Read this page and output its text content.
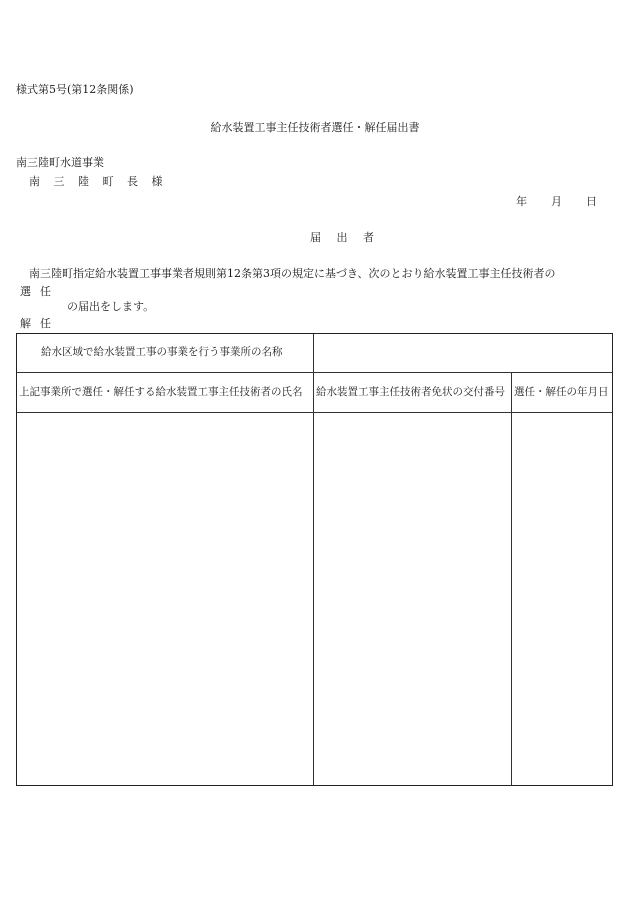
様式第5号(第12条関係)
給水装置工事主任技術者選任・解任届出書
南三陸町水道事業
南 三 陸 町 長 様
年 月 日
届 出 者
南三陸町指定給水装置工事事業者規則第12条第3項の規定に基づき、次のとおり給水装置工事主任技術者の
選任
の届出をします。
解任
給水区域で給水装置工事の事業を行う事業所の名称
上記事業所で選任・解任する給水装置工事主任技術者の氏名 給水装置工事主任技術者免状の交付番号 選任・解任の年月日
